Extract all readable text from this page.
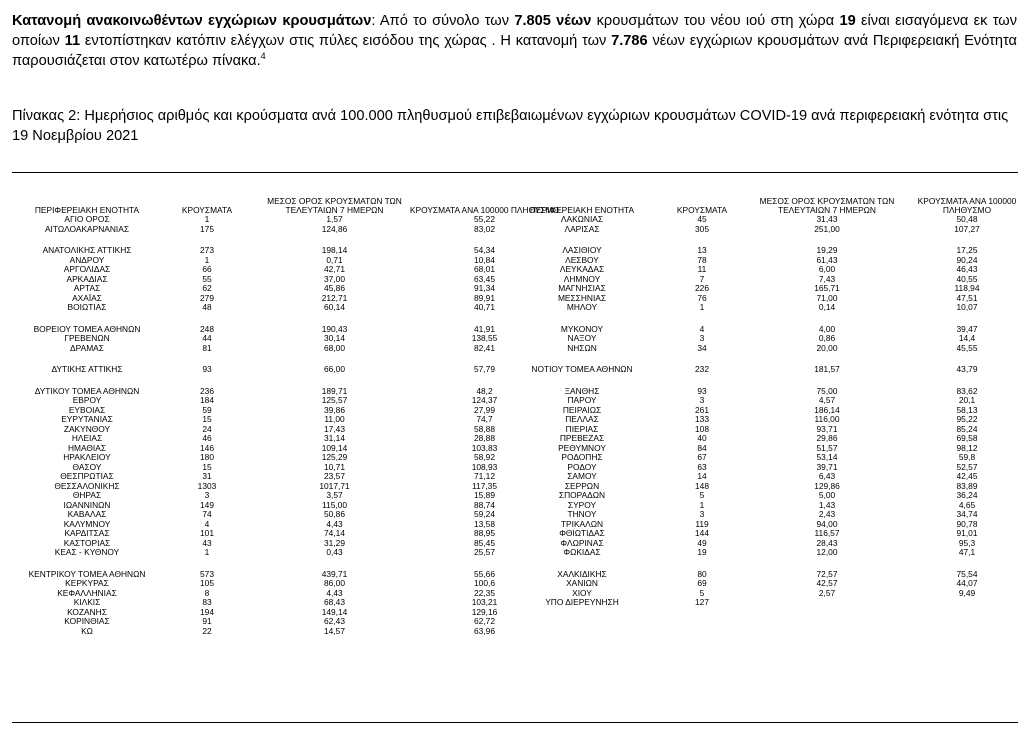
Κατανομή ανακοινωθέντων εγχώριων κρουσμάτων: Από το σύνολο των 7.805 νέων κρουσμάτων του νέου ιού στη χώρα 19 είναι εισαγόμενα εκ των οποίων 11 εντοπίστηκαν κατόπιν ελέγχων στις πύλες εισόδου της χώρας . Η κατανομή των 7.786 νέων εγχώριων κρουσμάτων ανά Περιφερειακή Ενότητα παρουσιάζεται στον κατωτέρω πίνακα.$^4$
Πίνακας 2: Ημερήσιος αριθμός και κρούσματα ανά 100.000 πληθυσμού επιβεβαιωμένων εγχώριων κρουσμάτων COVID-19 ανά περιφερειακή ενότητα στις 19 Νοεμβρίου 2021
ΠΕΡΙΦΕΡΕΙΑΚΗ ΕΝΟΤΗΤΑ	ΚΡΟΥΣΜΑΤΑ
ΜΕΣΟΣ ΟΡΟΣ ΚΡΟΥΣΜΑΤΩΝ ΤΩΝ ΤΕΛΕΥΤΑΙΩΝ 7 ΗΜΕΡΩΝ	ΚΡΟΥΣΜΑΤΑ ΑΝΑ 100000 ΠΛΗΘΥΣΜΟ
ΑΓΙΟ ΟΡΟΣ	1	1,57	55,22
ΑΙΤΩΛΟΑΚΑΡΝΑΝΙΑΣ	175	124,86	83,02
ΑΝΑΤΟΛΙΚΗΣ ΑΤΤΙΚΗΣ	273	198,14	54,34
ΑΝΔΡΟΥ	1	0,71	10,84
ΑΡΓΟΛΙΔΑΣ	66	42,71	68,01
ΑΡΚΑΔΙΑΣ	55	37,00	63,45
ΑΡΤΑΣ	62	45,86	91,34
ΑΧΑΪΑΣ	279	212,71	89,91
ΒΟΙΩΤΙΑΣ	48	60,14	40,71
ΒΟΡΕΙΟΥ ΤΟΜΕΑ ΑΘΗΝΩΝ	248	190,43	41,91
ΓΡΕΒΕΝΩΝ	44	30,14	138,55
ΔΡΑΜΑΣ	81	68,00	82,41
ΔΥΤΙΚΗΣ ΑΤΤΙΚΗΣ	93	66,00	57,79
ΔΥΤΙΚΟΥ ΤΟΜΕΑ ΑΘΗΝΩΝ	236	189,71	48,2
ΕΒΡΟΥ	184	125,57	124,37
ΕΥΒΟΙΑΣ	59	39,86	27,99
ΕΥΡΥΤΑΝΙΑΣ	15	11,00	74,7
ΖΑΚΥΝΘΟΥ	24	17,43	58,88
ΗΛΕΙΑΣ	46	31,14	28,88
ΗΜΑΘΙΑΣ	146	109,14	103,83
ΗΡΑΚΛΕΙΟΥ	180	125,29	58,92
ΘΑΣΟΥ	15	10,71	108,93
ΘΕΣΠΡΩΤΙΑΣ	31	23,57	71,12
ΘΕΣΣΑΛΟΝΙΚΗΣ	1303	1017,71	117,35
ΘΗΡΑΣ	3	3,57	15,89
ΙΩΑΝΝΙΝΩΝ	149	115,00	88,74
ΚΑΒΑΛΑΣ	74	50,86	59,24
ΚΑΛΥΜΝΟΥ	4	4,43	13,58
ΚΑΡΔΙΤΣΑΣ	101	74,14	88,95
ΚΑΣΤΟΡΙΑΣ	43	31,29	85,45
ΚΕΑΣ - ΚΥΘΝΟΥ	1	0,43	25,57
ΚΕΝΤΡΙΚΟΥ ΤΟΜΕΑ ΑΘΗΝΩΝ	573	439,71	55,66
ΚΕΡΚΥΡΑΣ	105	86,00	100,6
ΚΕΦΑΛΛΗΝΙΑΣ	8	4,43	22,35
ΚΙΛΚΙΣ	83	68,43	103,21
ΚΟΖΑΝΗΣ	194	149,14	129,16
ΚΟΡΙΝΘΙΑΣ	91	62,43	62,72
ΚΩ	22	14,57	63,96
ΠΕΡΙΦΕΡΕΙΑΚΗ ΕΝΟΤΗΤΑ	ΚΡΟΥΣΜΑΤΑ
ΜΕΣΟΣ ΟΡΟΣ ΚΡΟΥΣΜΑΤΩΝ ΤΩΝ ΤΕΛΕΥΤΑΙΩΝ 7 ΗΜΕΡΩΝ
ΚΡΟΥΣΜΑΤΑ ΑΝΑ 100000 ΠΛΗΘΥΣΜΟ
ΛΑΚΩΝΙΑΣ	45	31,43	50,48
ΛΑΡΙΣΑΣ	305	251,00	107,27
ΛΑΣΙΘΙΟΥ	13	19,29	17,25
ΛΕΣΒΟΥ	78	61,43	90,24
ΛΕΥΚΑΔΑΣ	11	6,00	46,43
ΛΗΜΝΟΥ	7	7,43	40,55
ΜΑΓΝΗΣΙΑΣ	226	165,71	118,94
ΜΕΣΣΗΝΙΑΣ	76	71,00	47,51
ΜΗΛΟΥ	1	0,14	10,07
ΜΥΚΟΝΟΥ	4	4,00	39,47
ΝΑΞΟΥ	3	0,86	14,4
ΝΗΣΩΝ	34	20,00	45,55
ΝΟΤΙΟΥ ΤΟΜΕΑ ΑΘΗΝΩΝ	232	181,57	43,79
ΞΑΝΘΗΣ	93	75,00	83,62
ΠΑΡΟΥ	3	4,57	20,1
ΠΕΙΡΑΙΩΣ	261	186,14	58,13
ΠΕΛΛΑΣ	133	116,00	95,22
ΠΙΕΡΙΑΣ	108	93,71	85,24
ΠΡΕΒΕΖΑΣ	40	29,86	69,58
ΡΕΘΥΜΝΟΥ	84	51,57	98,12
ΡΟΔΟΠΗΣ	67	53,14	59,8
ΡΟΔΟΥ	63	39,71	52,57
ΣΑΜΟΥ	14	6,43	42,45
ΣΕΡΡΩΝ	148	129,86	83,89
ΣΠΟΡΑΔΩΝ	5	5,00	36,24
ΣΥΡΟΥ	1	1,43	4,65
ΤΗΝΟΥ	3	2,43	34,74
ΤΡΙΚΑΛΩΝ	119	94,00	90,78
ΦΘΙΩΤΙΔΑΣ	144	116,57	91,01
ΦΛΩΡΙΝΑΣ	49	28,43	95,3
ΦΩΚΙΔΑΣ	19	12,00	47,1
ΧΑΛΚΙΔΙΚΗΣ	80	72,57	75,54
ΧΑΝΙΩΝ	69	42,57	44,07
ΧΙΟΥ	5	2,57	9,49
ΥΠΟ ΔΙΕΡΕΥΝΗΣΗ	127
